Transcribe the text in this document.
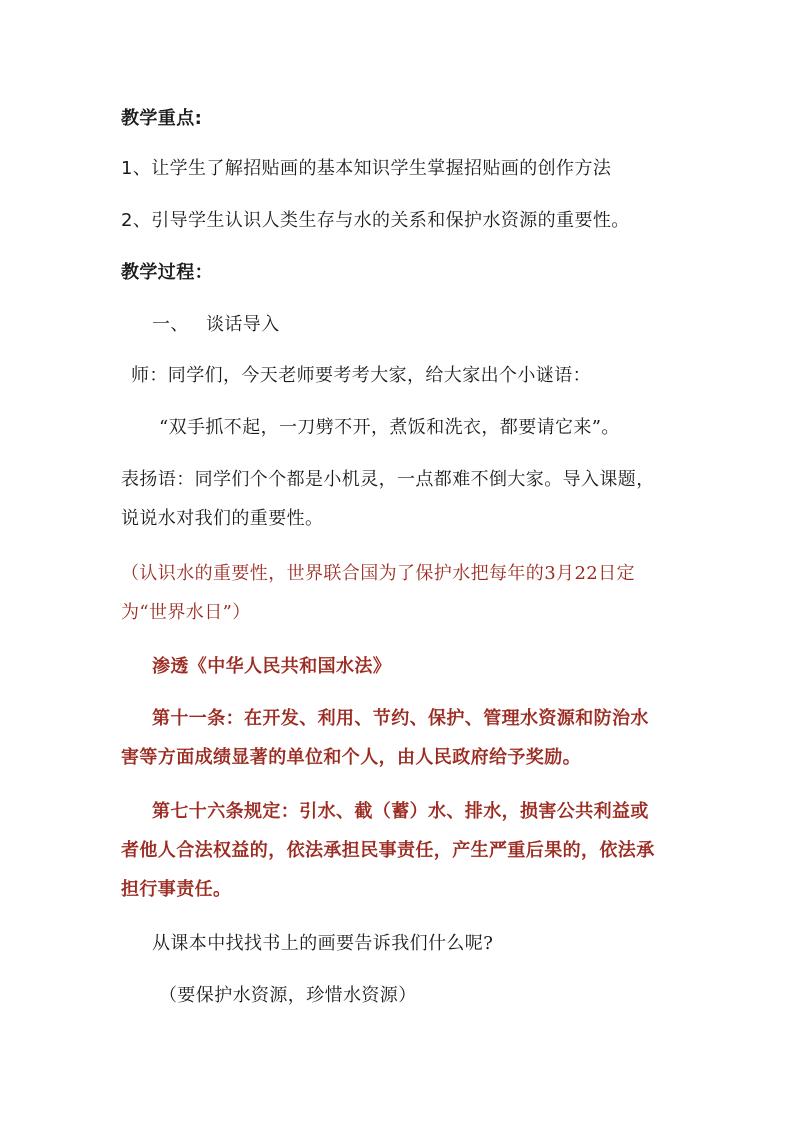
教学重点:
1、让学生了解招贴画的基本知识学生掌握招贴画的创作方法
2、引导学生认识人类生存与水的关系和保护水资源的重要性。
教学过程：
一、 谈话导入
师：同学们，今天老师要考考大家，给大家出个小谜语：
“双手抓不起，一刀劈不开，煮饭和洗衣，都要请它来”。
表扬语：同学们个个都是小机灵，一点都难不倒大家。导入课题，
说说水对我们的重要性。
（认识水的重要性，世界联合国为了保护水把每年的3月22日定
为“世界水日”）
渗透《中华人民共和国水法》
第十一条：在开发、利用、节约、保护、管理水资源和防治水
害等方面成绩显著的单位和个人，由人民政府给予奖励。
第七十六条规定：引水、截（蓄）水、排水，损害公共利益或
者他人合法权益的，依法承担民事责任，产生严重后果的，依法承
担行事责任。
从课本中找找书上的画要告诉我们什么呢?
（要保护水资源，珍惜水资源）
